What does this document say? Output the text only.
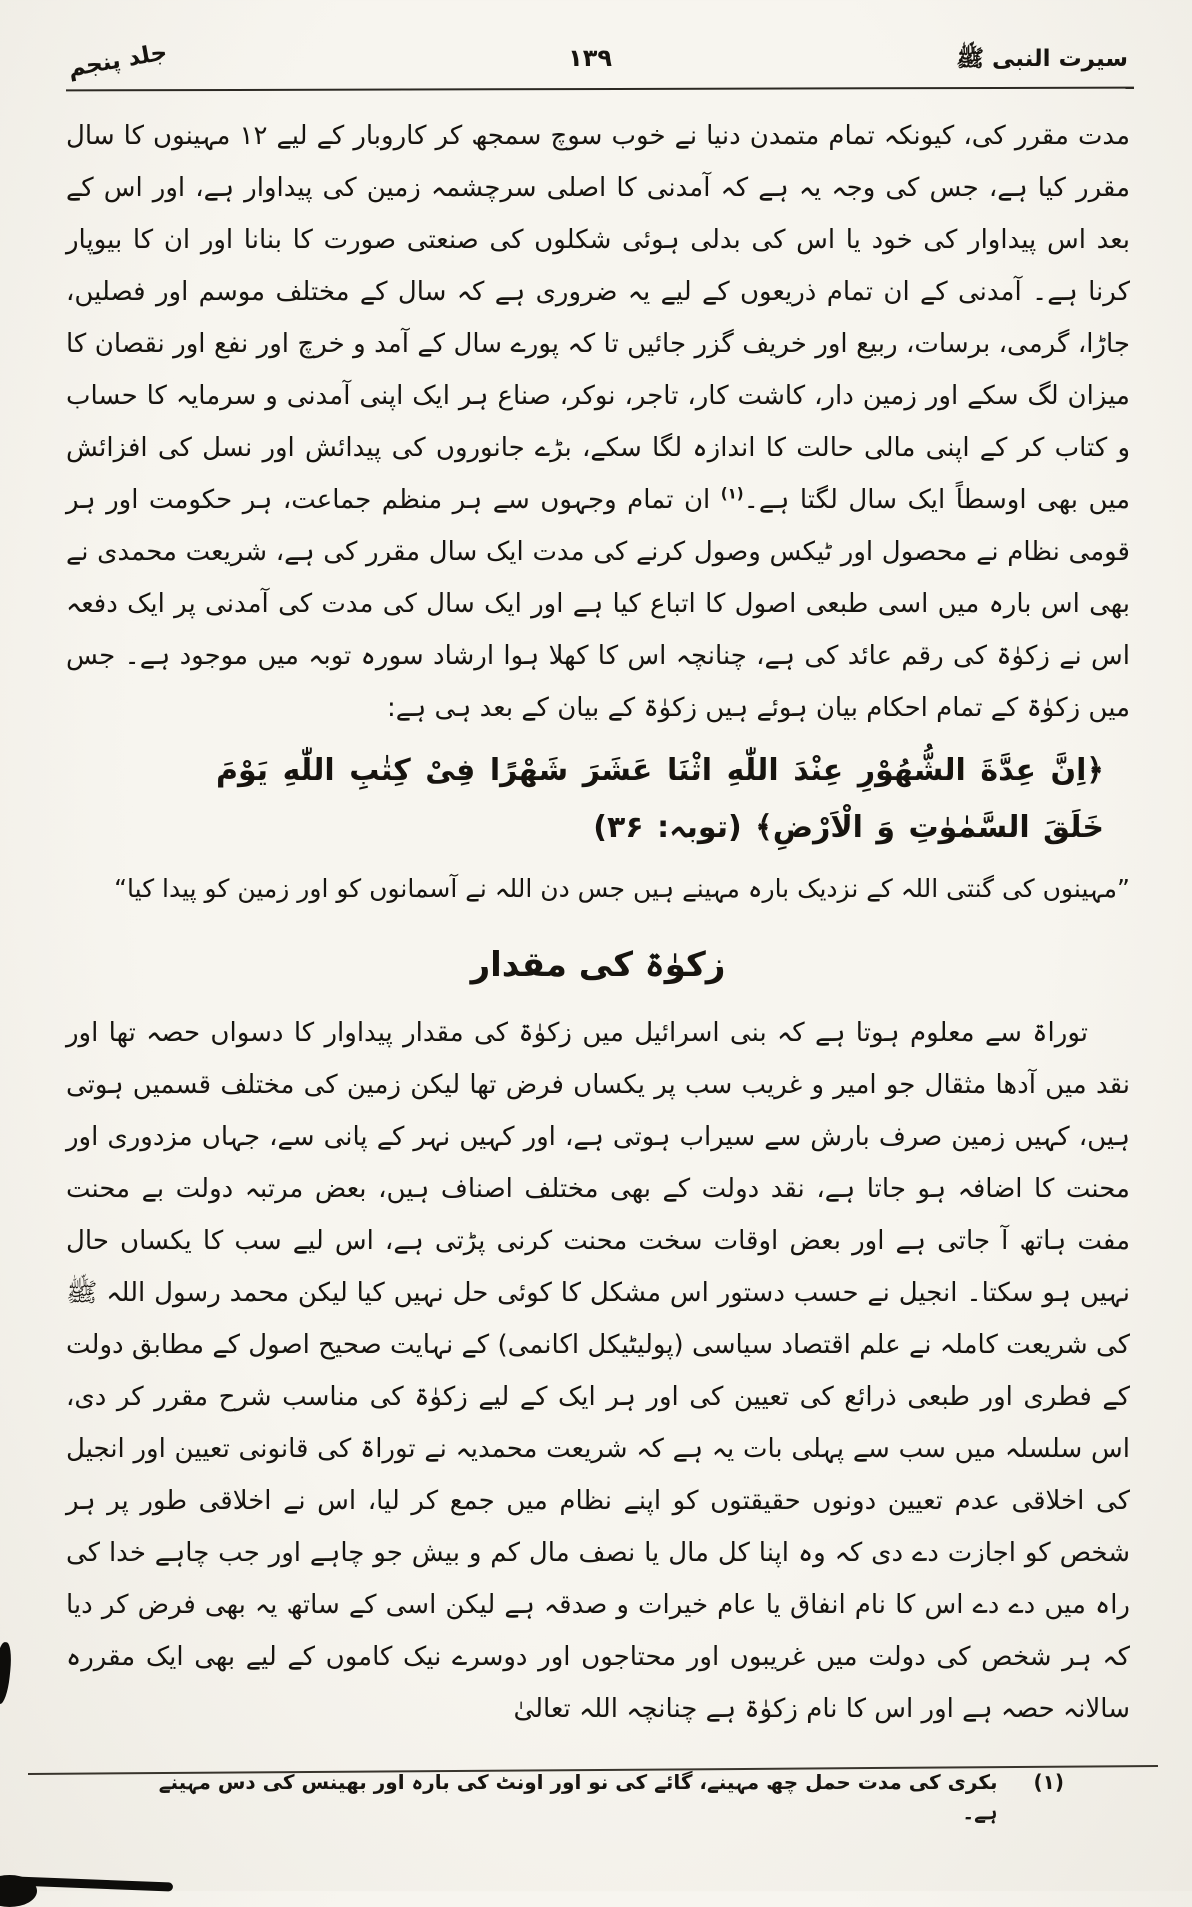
سیرت النبی ﷺ
۱۳۹
جلد پنجم

مدت مقرر کی، کیونکہ تمام متمدن دنیا نے خوب سوچ سمجھ کر کاروبار کے لیے ۱۲ مہینوں کا سال مقرر کیا ہے، جس کی وجہ یہ ہے کہ آمدنی کا اصلی سرچشمہ زمین کی پیداوار ہے، اور اس کے بعد اس پیداوار کی خود یا اس کی بدلی ہوئی شکلوں کی صنعتی صورت کا بنانا اور ان کا بیوپار کرنا ہے۔ آمدنی کے ان تمام ذریعوں کے لیے یہ ضروری ہے کہ سال کے مختلف موسم اور فصلیں، جاڑا، گرمی، برسات، ربیع اور خریف گزر جائیں تا کہ پورے سال کے آمد و خرچ اور نفع اور نقصان کا میزان لگ سکے اور زمین دار، کاشت کار، تاجر، نوکر، صناع ہر ایک اپنی آمدنی و سرمایہ کا حساب و کتاب کر کے اپنی مالی حالت کا اندازہ لگا سکے، بڑے جانوروں کی پیدائش اور نسل کی افزائش میں بھی اوسطاً ایک سال لگتا ہے۔$^{(۱)}$ ان تمام وجہوں سے ہر منظم جماعت، ہر حکومت اور ہر قومی نظام نے محصول اور ٹیکس وصول کرنے کی مدت ایک سال مقرر کی ہے، شریعت محمدی نے بھی اس بارہ میں اسی طبعی اصول کا اتباع کیا ہے اور ایک سال کی مدت کی آمدنی پر ایک دفعہ اس نے زکوٰۃ کی رقم عائد کی ہے، چنانچہ اس کا کھلا ہوا ارشاد سورہ توبہ میں موجود ہے۔ جس میں زکوٰۃ کے تمام احکام بیان ہوئے ہیں زکوٰۃ کے بیان کے بعد ہی ہے:

﴿اِنَّ عِدَّةَ الشُّهُوْرِ عِنْدَ اللّٰهِ اثْنَا عَشَرَ شَهْرًا فِیْ کِتٰبِ اللّٰهِ یَوْمَ خَلَقَ السَّمٰوٰتِ وَ الْاَرْضِ﴾ (توبہ: ۳۶)

”مہینوں کی گنتی اللہ کے نزدیک بارہ مہینے ہیں جس دن اللہ نے آسمانوں کو اور زمین کو پیدا کیا“

زکوٰۃ کی مقدار

توراۃ سے معلوم ہوتا ہے کہ بنی اسرائیل میں زکوٰۃ کی مقدار پیداوار کا دسواں حصہ تھا اور نقد میں آدھا مثقال جو امیر و غریب سب پر یکساں فرض تھا لیکن زمین کی مختلف قسمیں ہوتی ہیں، کہیں زمین صرف بارش سے سیراب ہوتی ہے، اور کہیں نہر کے پانی سے، جہاں مزدوری اور محنت کا اضافہ ہو جاتا ہے، نقد دولت کے بھی مختلف اصناف ہیں، بعض مرتبہ دولت بے محنت مفت ہاتھ آ جاتی ہے اور بعض اوقات سخت محنت کرنی پڑتی ہے، اس لیے سب کا یکساں حال نہیں ہو سکتا۔ انجیل نے حسب دستور اس مشکل کا کوئی حل نہیں کیا لیکن محمد رسول اللہ ﷺ کی شریعت کاملہ نے علم اقتصاد سیاسی (پولیٹیکل اکانمی) کے نہایت صحیح اصول کے مطابق دولت کے فطری اور طبعی ذرائع کی تعیین کی اور ہر ایک کے لیے زکوٰۃ کی مناسب شرح مقرر کر دی، اس سلسلہ میں سب سے پہلی بات یہ ہے کہ شریعت محمدیہ نے توراۃ کی قانونی تعیین اور انجیل کی اخلاقی عدم تعیین دونوں حقیقتوں کو اپنے نظام میں جمع کر لیا، اس نے اخلاقی طور پر ہر شخص کو اجازت دے دی کہ وہ اپنا کل مال یا نصف مال کم و بیش جو چاہے اور جب چاہے خدا کی راہ میں دے دے اس کا نام انفاق یا عام خیرات و صدقہ ہے لیکن اسی کے ساتھ یہ بھی فرض کر دیا کہ ہر شخص کی دولت میں غریبوں اور محتاجوں اور دوسرے نیک کاموں کے لیے بھی ایک مقررہ سالانہ حصہ ہے اور اس کا نام زکوٰۃ ہے چنانچہ اللہ تعالیٰ

(۱)
بکری کی مدت حمل چھ مہینے، گائے کی نو اور اونٹ کی بارہ اور بھینس کی دس مہینے ہے۔
